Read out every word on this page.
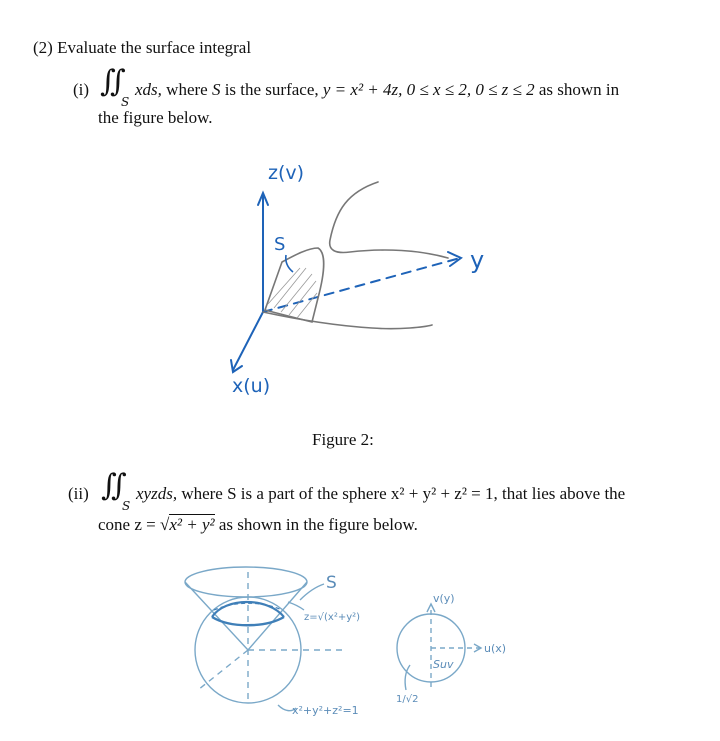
(2) Evaluate the surface integral
(i) ∬
S
xds, where S is the surface, y = x² + 4z, 0 ≤ x ≤ 2, 0 ≤ z ≤ 2 as shown in
the figure below.
z(v)
y
x(u)
S
Figure 2:
(ii) ∬
S
xyzds, where S is a part of the sphere x² + y² + z² = 1, that lies above the
cone z = √x² + y² as shown in the figure below.
S
z=√(x²+y²)
x²+y²+z²=1
v(y)
u(x)
Suv
1/√2
